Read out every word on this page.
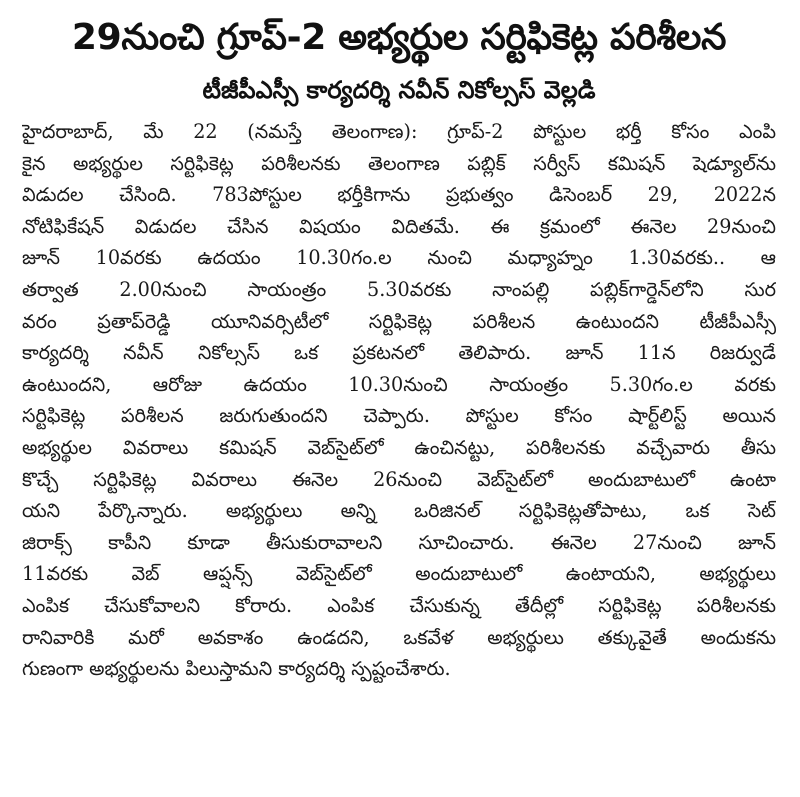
29నుంచి గ్రూప్‌-2 అభ్యర్థుల సర్టిఫికెట్ల పరిశీలన
టీజీపీఎస్సీ కార్యదర్శి నవీన్‌ నికోల్సస్‌ వెల్లడి
హైదరాబాద్‌, మే 22 (నమస్తే తెలంగాణ): గ్రూప్‌-2 పోస్టుల భర్తీ కోసం ఎంపి
కైన అభ్యర్థుల సర్టిఫికెట్ల పరిశీలనకు తెలంగాణ పబ్లిక్‌ సర్వీస్‌ కమిషన్‌ షెడ్యూల్‌ను
విడుదల చేసింది. 783పోస్టుల భర్తీకిగాను ప్రభుత్వం డిసెంబర్‌ 29, 2022న
నోటిఫికేషన్‌ విడుదల చేసిన విషయం విదితమే. ఈ క్రమంలో ఈనెల 29నుంచి
జూన్‌ 10వరకు ఉదయం 10.30గం.ల నుంచి మధ్యాహ్నం 1.30వరకు.. ఆ
తర్వాత 2.00నుంచి సాయంత్రం 5.30వరకు నాంపల్లి పబ్లిక్‌గార్డెన్‌లోని సుర
వరం ప్రతాప్‌రెడ్డి యూనివర్సిటీలో సర్టిఫికెట్ల పరిశీలన ఉంటుందని టీజీపీఎస్సీ
కార్యదర్శి నవీన్‌ నికోల్సస్‌ ఒక ప్రకటనలో తెలిపారు. జూన్‌ 11న రిజర్వుడే
ఉంటుందని, ఆరోజు ఉదయం 10.30నుంచి సాయంత్రం 5.30గం.ల వరకు
సర్టిఫికెట్ల పరిశీలన జరుగుతుందని చెప్పారు. పోస్టుల కోసం షార్ట్‌లిస్ట్‌ అయిన
అభ్యర్థుల వివరాలు కమిషన్‌ వెబ్‌సైట్‌లో ఉంచినట్టు, పరిశీలనకు వచ్చేవారు తీసు
కొచ్చే సర్టిఫికెట్ల వివరాలు ఈనెల 26నుంచి వెబ్‌సైట్‌లో అందుబాటులో ఉంటా
యని పేర్కొన్నారు. అభ్యర్థులు అన్ని ఒరిజినల్‌ సర్టిఫికెట్లతోపాటు, ఒక సెట్‌
జిరాక్స్‌ కాపీని కూడా తీసుకురావాలని సూచించారు. ఈనెల 27నుంచి జూన్‌
11వరకు వెబ్‌ ఆప్షన్స్‌ వెబ్‌సైట్‌లో అందుబాటులో ఉంటాయని, అభ్యర్థులు
ఎంపిక చేసుకోవాలని కోరారు. ఎంపిక చేసుకున్న తేదీల్లో సర్టిఫికెట్ల పరిశీలనకు
రానివారికి మరో అవకాశం ఉండదని, ఒకవేళ అభ్యర్థులు తక్కువైతే అందుకను
గుణంగా అభ్యర్థులను పిలుస్తామని కార్యదర్శి స్పష్టంచేశారు.
